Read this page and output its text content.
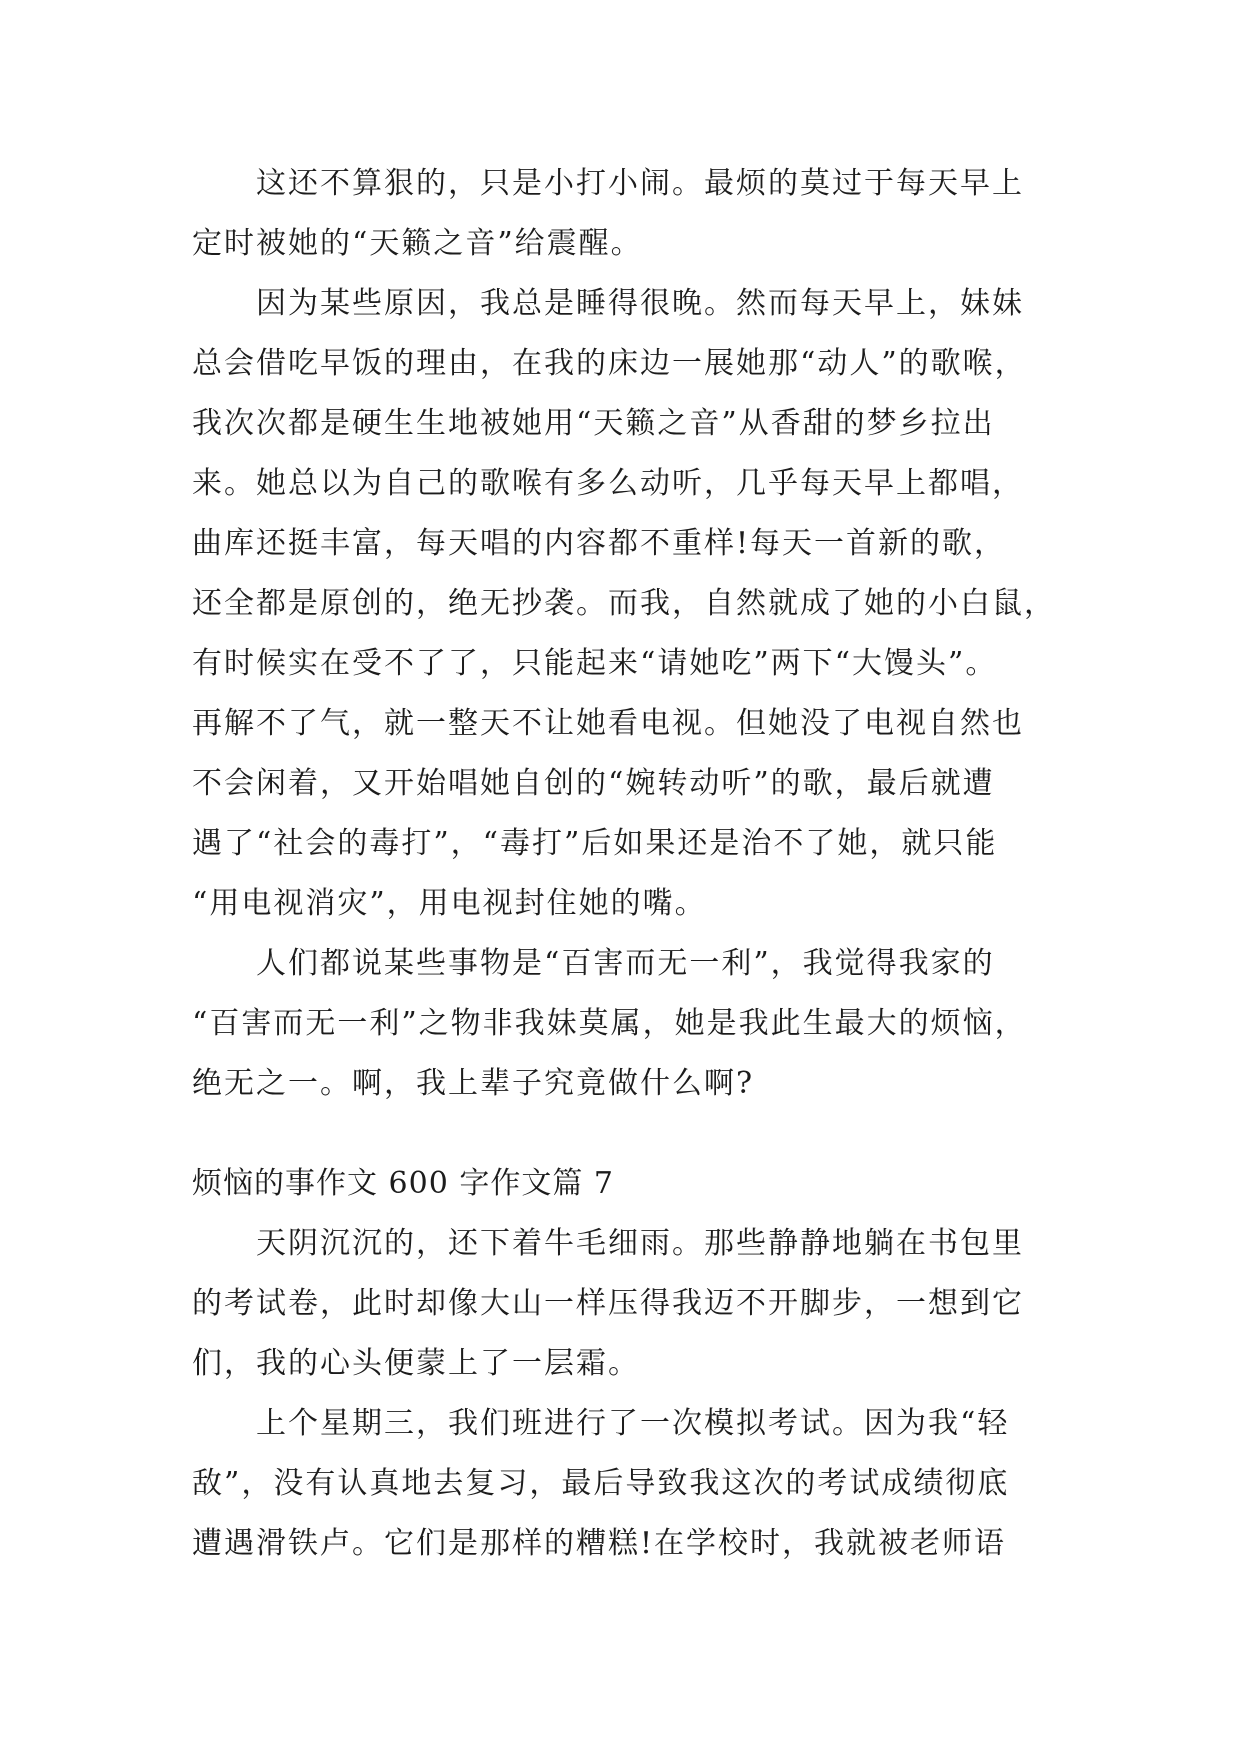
这还不算狠的，只是小打小闹。最烦的莫过于每天早上

定时被她的“天籁之音”给震醒。

因为某些原因，我总是睡得很晚。然而每天早上，妹妹

总会借吃早饭的理由，在我的床边一展她那“动人”的歌喉，

我次次都是硬生生地被她用“天籁之音”从香甜的梦乡拉出

来。她总以为自己的歌喉有多么动听，几乎每天早上都唱，

曲库还挺丰富，每天唱的内容都不重样!每天一首新的歌，

还全都是原创的，绝无抄袭。而我，自然就成了她的小白鼠，

有时候实在受不了了，只能起来“请她吃”两下“大馒头”。

再解不了气，就一整天不让她看电视。但她没了电视自然也

不会闲着，又开始唱她自创的“婉转动听”的歌，最后就遭

遇了“社会的毒打”，“毒打”后如果还是治不了她，就只能

“用电视消灾”，用电视封住她的嘴。

人们都说某些事物是“百害而无一利”，我觉得我家的

“百害而无一利”之物非我妹莫属，她是我此生最大的烦恼，

绝无之一。啊，我上辈子究竟做什么啊?

烦恼的事作文 600 字作文篇 7

天阴沉沉的，还下着牛毛细雨。那些静静地躺在书包里

的考试卷，此时却像大山一样压得我迈不开脚步，一想到它

们，我的心头便蒙上了一层霜。

上个星期三，我们班进行了一次模拟考试。因为我“轻

敌”，没有认真地去复习，最后导致我这次的考试成绩彻底

遭遇滑铁卢。它们是那样的糟糕!在学校时，我就被老师语
